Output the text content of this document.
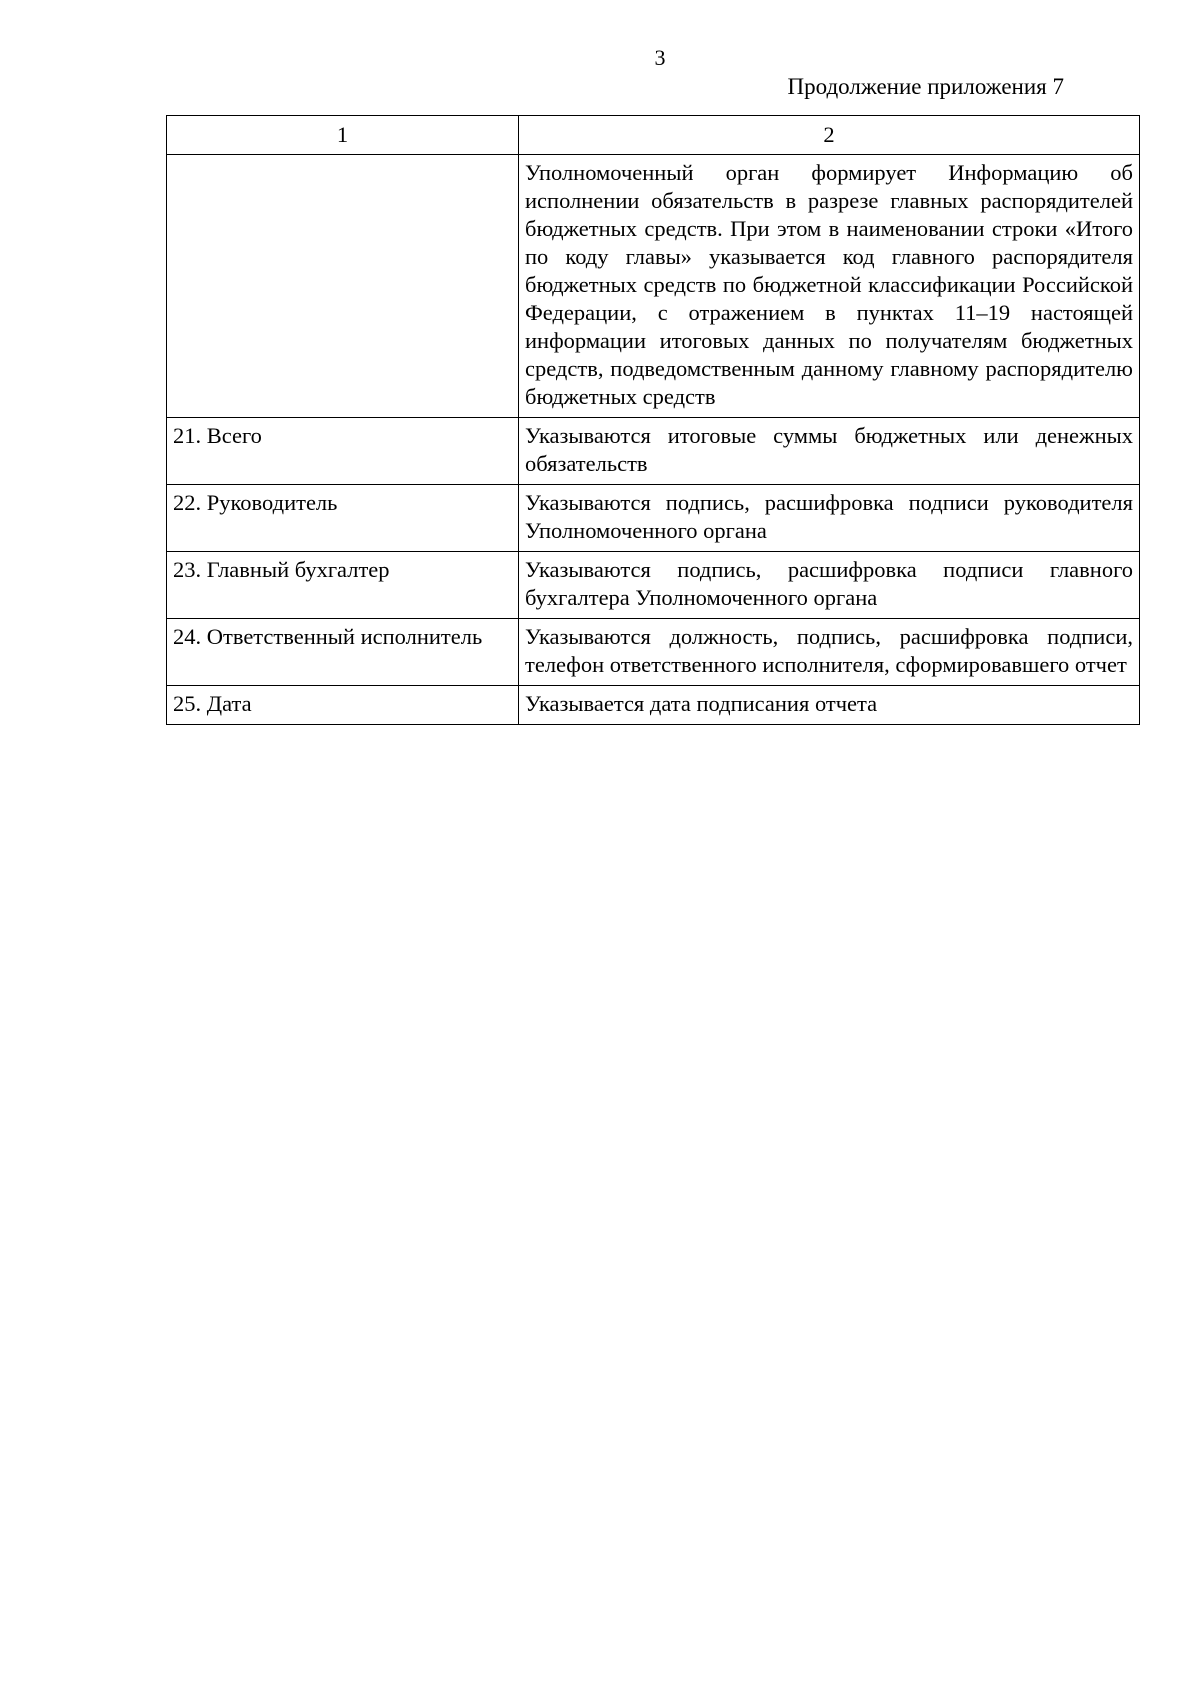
3
Продолжение приложения 7
1	2
	Уполномоченный орган формирует Информацию об исполнении обязательств в разрезе главных распорядителей бюджетных средств. При этом в наименовании строки «Итого по коду главы» указывается код главного распорядителя бюджетных средств по бюджетной классификации Российской Федерации, с отражением в пунктах 11–19 настоящей информации итоговых данных по получателям бюджетных средств, подведомственным данному главному распорядителю бюджетных средств
21. Всего	Указываются итоговые суммы бюджетных или денежных обязательств
22. Руководитель	Указываются подпись, расшифровка подписи руководителя Уполномоченного органа
23. Главный бухгалтер	Указываются подпись, расшифровка подписи главного бухгалтера Уполномоченного органа
24. Ответственный исполнитель	Указываются должность, подпись, расшифровка подписи, телефон ответственного исполнителя, сформировавшего отчет
25. Дата	Указывается дата подписания отчета
